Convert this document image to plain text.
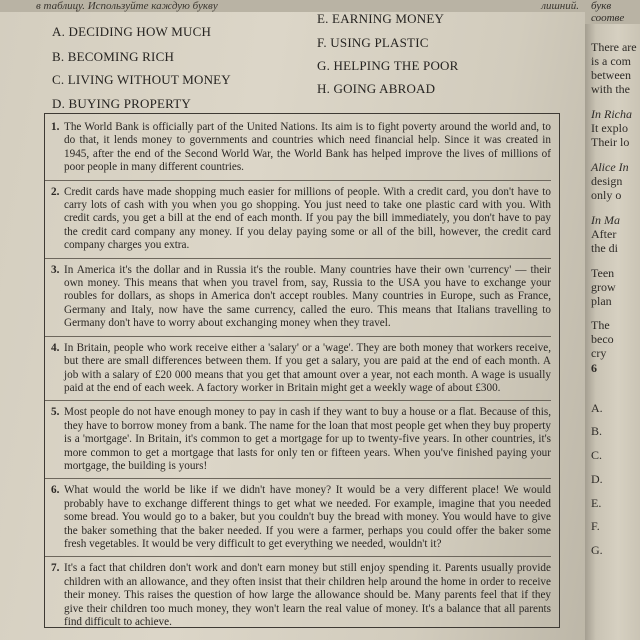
в таблицу. Используйте каждую букву	лишний.
A. DECIDING HOW MUCH
B. BECOMING RICH
C. LIVING WITHOUT MONEY
D. BUYING PROPERTY
E. EARNING MONEY
F. USING PLASTIC
G. HELPING THE POOR
H. GOING ABROAD
1. The World Bank is officially part of the United Nations. Its aim is to fight poverty around the world and, to do that, it lends money to governments and countries which need financial help. Since it was created in 1945, after the end of the Second World War, the World Bank has helped improve the lives of millions of poor people in many different countries.

2. Credit cards have made shopping much easier for millions of people. With a credit card, you don't have to carry lots of cash with you when you go shopping. You just need to take one plastic card with you. With credit cards, you get a bill at the end of each month. If you pay the bill immediately, you don't have to pay the credit card company any money. If you delay paying some or all of the bill, however, the credit card company charges you extra.

3. In America it's the dollar and in Russia it's the rouble. Many countries have their own 'currency' — their own money. This means that when you travel from, say, Russia to the USA you have to exchange your roubles for dollars, as shops in America don't accept roubles. Many countries in Europe, such as France, Germany and Italy, now have the same currency, called the euro. This means that Italians travelling to Germany don't have to worry about exchanging money when they travel.

4. In Britain, people who work receive either a 'salary' or a 'wage'. They are both money that workers receive, but there are small differences between them. If you get a salary, you are paid at the end of each month. A job with a salary of £20 000 means that you get that amount over a year, not each month. A wage is usually paid at the end of each week. A factory worker in Britain might get a weekly wage of about £300.

5. Most people do not have enough money to pay in cash if they want to buy a house or a flat. Because of this, they have to borrow money from a bank. The name for the loan that most people get when they buy property is a 'mortgage'. In Britain, it's common to get a mortgage for up to twenty-five years. In other countries, it's more common to get a mortgage that lasts for only ten or fifteen years. When you've finished paying your mortgage, the building is yours!

6. What would the world be like if we didn't have money? It would be a very different place! We would probably have to exchange different things to get what we needed. For example, imagine that you needed some bread. You would go to a baker, but you couldn't buy the bread with money. You would have to give the baker something that the baker needed. If you were a farmer, perhaps you could offer the baker some fresh vegetables. It would be very difficult to get everything we needed, wouldn't it?

7. It's a fact that children don't work and don't earn money but still enjoy spending it. Parents usually provide children with an allowance, and they often insist that their children help around the home in order to receive their money. This raises the question of how large the allowance should be. Many parents feel that if they give their children too much money, they won't learn the real value of money. It's a balance that all parents find difficult to achieve.

букв
соотве
There are
is a com
between
with the
In Richa
It explo
Their lo
Alice In
design
only o
In Ma
After
the di
Teen
grow
plan
The
beco
cry
6
A.
B.
C.
D.
E.
F.
G.
